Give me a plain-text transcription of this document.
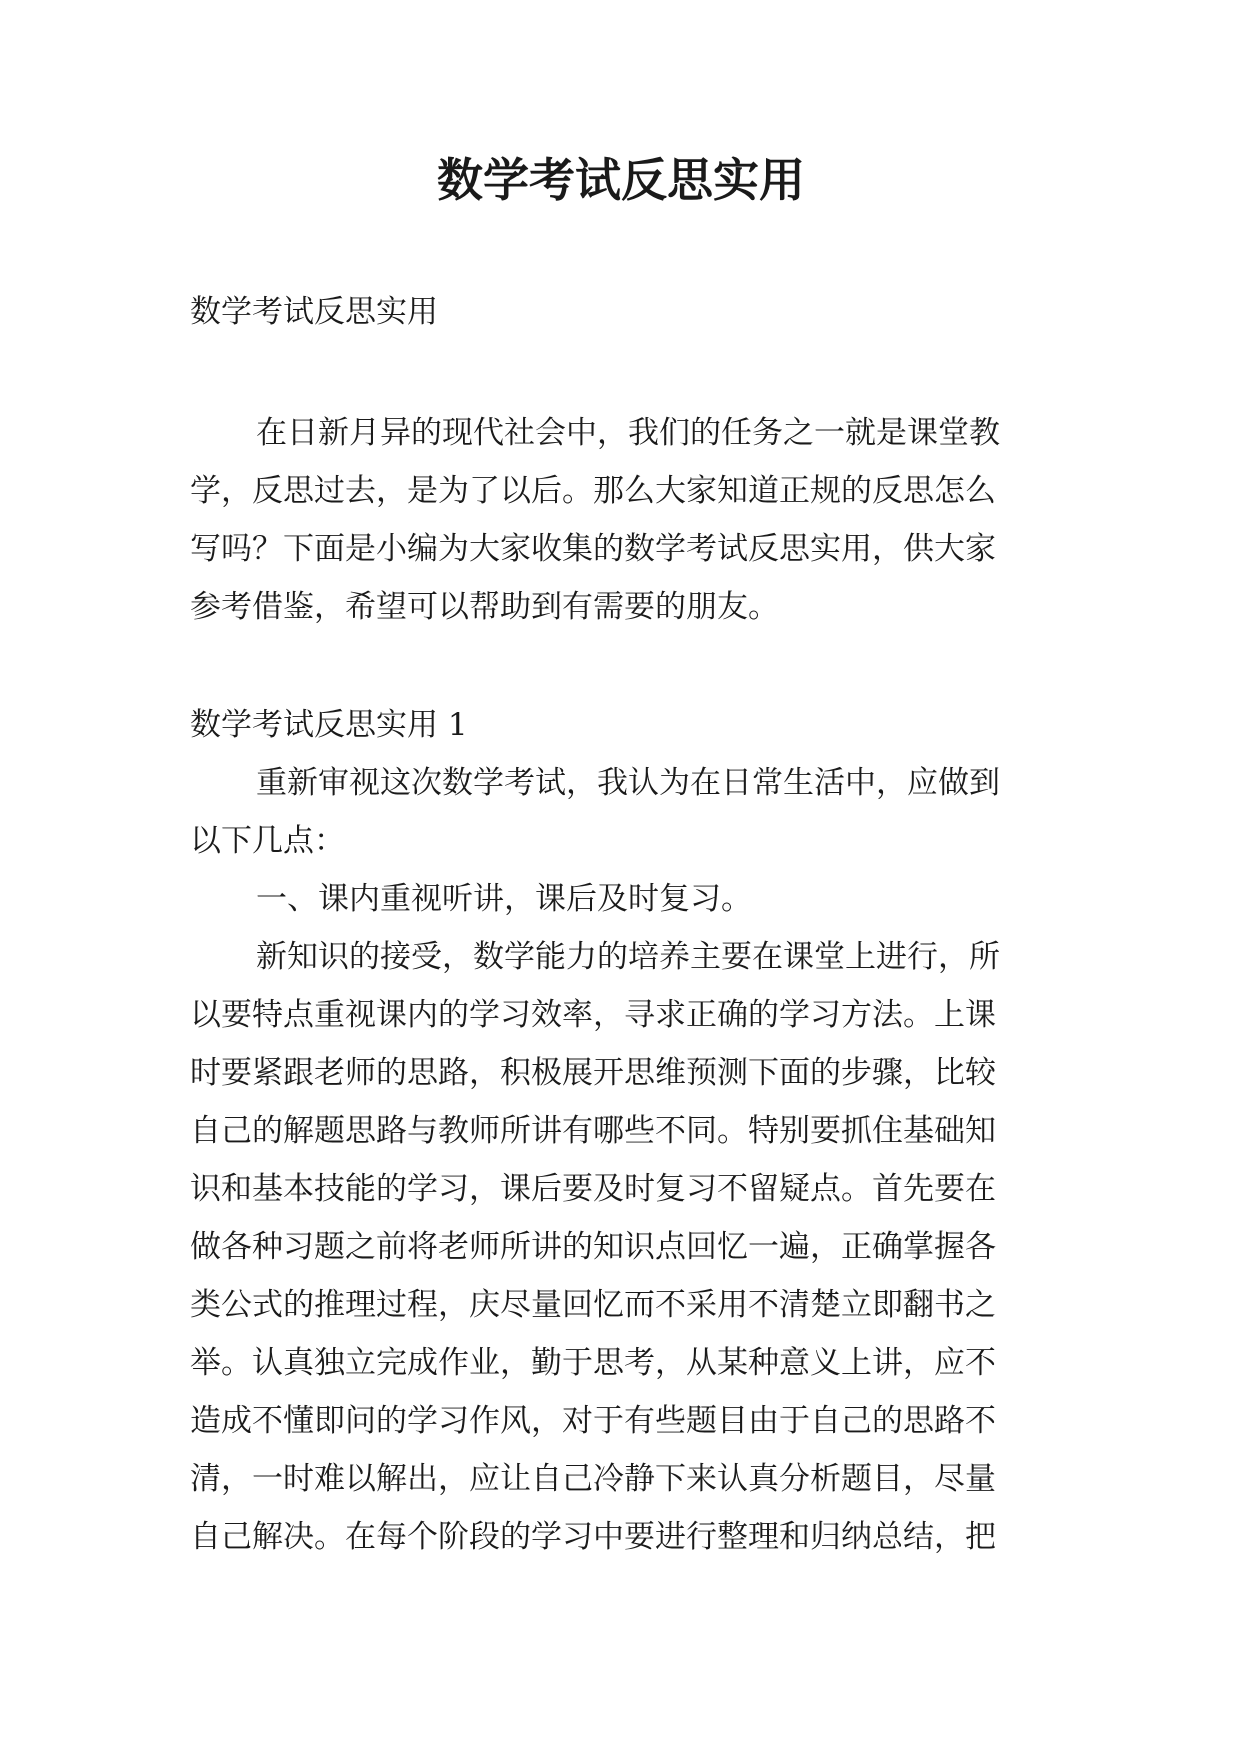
数学考试反思实用

数学考试反思实用

在日新月异的现代社会中，我们的任务之一就是课堂教
学，反思过去，是为了以后。那么大家知道正规的反思怎么
写吗？下面是小编为大家收集的数学考试反思实用，供大家
参考借鉴，希望可以帮助到有需要的朋友。
数学考试反思实用 1
重新审视这次数学考试，我认为在日常生活中，应做到
以下几点：
一、课内重视听讲，课后及时复习。
新知识的接受，数学能力的培养主要在课堂上进行，所
以要特点重视课内的学习效率，寻求正确的学习方法。上课
时要紧跟老师的思路，积极展开思维预测下面的步骤，比较
自己的解题思路与教师所讲有哪些不同。特别要抓住基础知
识和基本技能的学习，课后要及时复习不留疑点。首先要在
做各种习题之前将老师所讲的知识点回忆一遍，正确掌握各
类公式的推理过程，庆尽量回忆而不采用不清楚立即翻书之
举。认真独立完成作业，勤于思考，从某种意义上讲，应不
造成不懂即问的学习作风，对于有些题目由于自己的思路不
清，一时难以解出，应让自己冷静下来认真分析题目，尽量
自己解决。在每个阶段的学习中要进行整理和归纳总结，把
